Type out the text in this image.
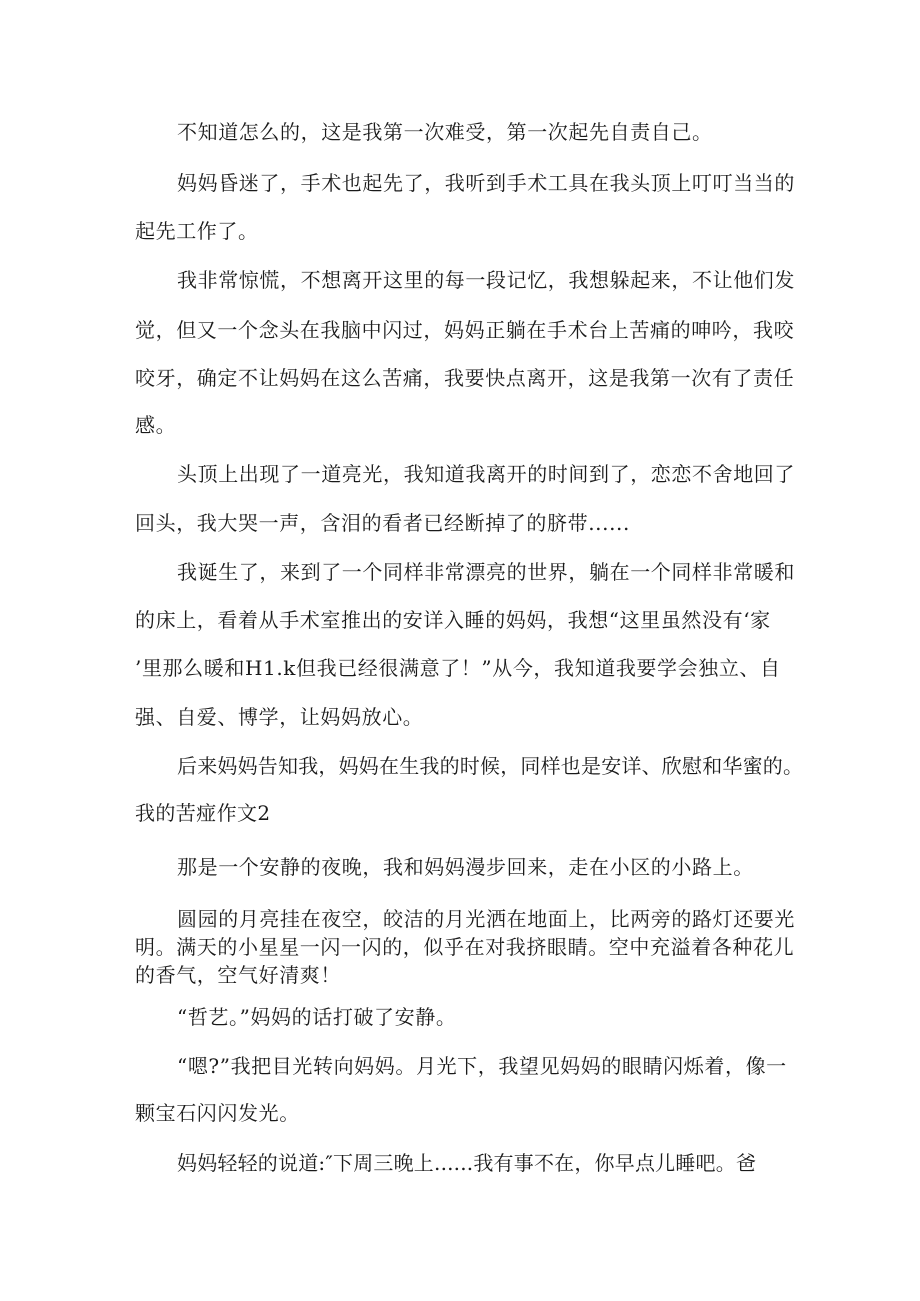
不知道怎么的，这是我第一次难受，第一次起先自责自己。
妈妈昏迷了，手术也起先了，我听到手术工具在我头顶上叮叮当当的
起先工作了。
我非常惊慌，不想离开这里的每一段记忆，我想躲起来，不让他们发
觉，但又一个念头在我脑中闪过，妈妈正躺在手术台上苦痛的呻吟，我咬
咬牙，确定不让妈妈在这么苦痛，我要快点离开，这是我第一次有了责任
感。
头顶上出现了一道亮光，我知道我离开的时间到了，恋恋不舍地回了
回头，我大哭一声，含泪的看者已经断掉了的脐带......
我诞生了，来到了一个同样非常漂亮的世界，躺在一个同样非常暖和
的床上，看着从手术室推出的安详入睡的妈妈，我想“这里虽然没有‘家
’里那么暖和H1.k但我已经很满意了！”从今，我知道我要学会独立、自
强、自爱、博学，让妈妈放心。
后来妈妈告知我，妈妈在生我的时候，同样也是安详、欣慰和华蜜的。
我的苦痖作文2
那是一个安静的夜晚，我和妈妈漫步回来，走在小区的小路上。
圆园的月亮挂在夜空，皎洁的月光洒在地面上，比两旁的路灯还要光
明。满天的小星星一闪一闪的，似乎在对我挤眼睛。空中充溢着各种花儿
的香气，空气好清爽！
“哲艺。”妈妈的话打破了安静。
“嗯?”我把目光转向妈妈。月光下，我望见妈妈的眼睛闪烁着，像一
颗宝石闪闪发光。
妈妈轻轻的说道:″下周三晚上......我有事不在，你早点儿睡吧。爸
